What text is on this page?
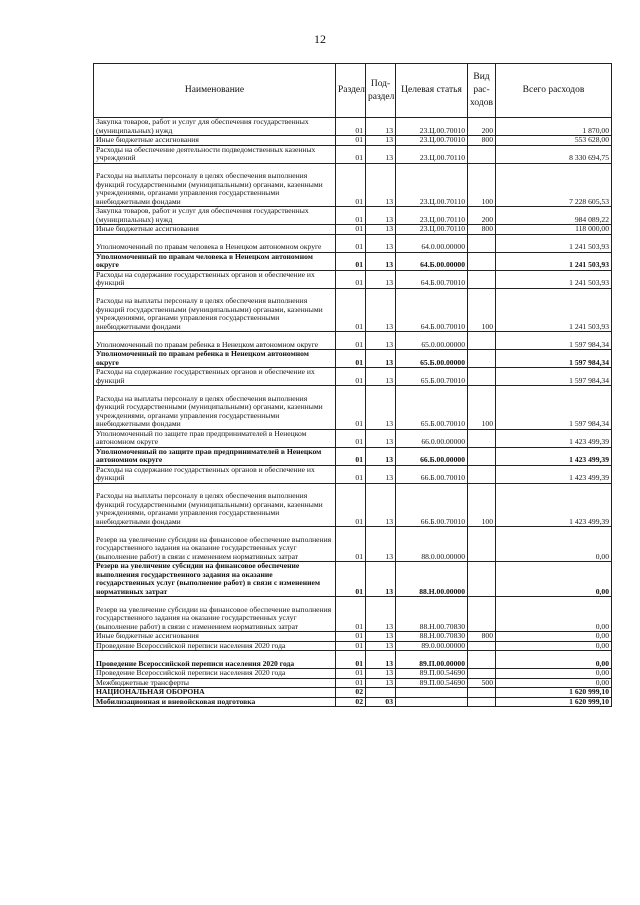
12
Наименование	Раздел	Под-раздел	Целевая статья	Вид рас-ходов	Всего расходов
Закупка товаров, работ и услуг для обеспечения государственных (муниципальных) нужд	01	13	23.Ц.00.70010	200	1 870,00
Иные бюджетные ассигнования	01	13	23.Ц.00.70010	800	553 628,00
Расходы на обеспечение деятельности подведомственных казенных учреждений	01	13	23.Ц.00.70110		8 330 694,75
Расходы на выплаты персоналу в целях обеспечения выполнения функций государственными (муниципальными) органами, казенными учреждениями, органами управления государственными внебюджетными фондами	01	13	23.Ц.00.70110	100	7 228 605,53
Закупка товаров, работ и услуг для обеспечения государственных (муниципальных) нужд	01	13	23.Ц.00.70110	200	984 089,22
Иные бюджетные ассигнования	01	13	23.Ц.00.70110	800	118 000,00
Уполномоченный по правам человека в Ненецком автономном округе	01	13	64.0.00.00000		1 241 503,93
Уполномоченный по правам человека в Ненецком автономном округе	01	13	64.Б.00.00000		1 241 503,93
Расходы на содержание государственных органов и обеспечение их функций	01	13	64.Б.00.70010		1 241 503,93
Расходы на выплаты персоналу в целях обеспечения выполнения функций государственными (муниципальными) органами, казенными учреждениями, органами управления государственными внебюджетными фондами	01	13	64.Б.00.70010	100	1 241 503,93
Уполномоченный по правам ребенка в Ненецком автономном округе	01	13	65.0.00.00000		1 597 984,34
Уполномоченный по правам ребенка в Ненецком автономном округе	01	13	65.Б.00.00000		1 597 984,34
Расходы на содержание государственных органов и обеспечение их функций	01	13	65.Б.00.70010		1 597 984,34
Расходы на выплаты персоналу в целях обеспечения выполнения функций государственными (муниципальными) органами, казенными учреждениями, органами управления государственными внебюджетными фондами	01	13	65.Б.00.70010	100	1 597 984,34
Уполномоченный по защите прав предпринимателей в Ненецком автономном округе	01	13	66.0.00.00000		1 423 499,39
Уполномоченный по защите прав предпринимателей в Ненецком автономном округе	01	13	66.Б.00.00000		1 423 499,39
Расходы на содержание государственных органов и обеспечение их функций	01	13	66.Б.00.70010		1 423 499,39
Расходы на выплаты персоналу в целях обеспечения выполнения функций государственными (муниципальными) органами, казенными учреждениями, органами управления государственными внебюджетными фондами	01	13	66.Б.00.70010	100	1 423 499,39
Резерв на увеличение субсидии на финансовое обеспечение выполнения государственного задания на оказание государственных услуг (выполнение работ) в связи с изменением нормативных затрат	01	13	88.0.00.00000		0,00
Резерв на увеличение субсидии на финансовое обеспечение выполнения государственного задания на оказание государственных услуг (выполнение работ) в связи с изменением нормативных затрат	01	13	88.Н.00.00000		0,00
Резерв на увеличение субсидии на финансовое обеспечение выполнения государственного задания на оказание государственных услуг (выполнение работ) в связи с изменением нормативных затрат	01	13	88.Н.00.70830		0,00
Иные бюджетные ассигнования	01	13	88.Н.00.70830	800	0,00
Проведение Всероссийской переписи населения 2020 года	01	13	89.0.00.00000		0,00
Проведение Всероссийской переписи населения 2020 года	01	13	89.П.00.00000		0,00
Проведение Всероссийской переписи населения 2020 года	01	13	89.П.00.54690		0,00
Межбюджетные трансферты	01	13	89.П.00.54690	500	0,00
НАЦИОНАЛЬНАЯ ОБОРОНА	02				1 620 999,10
Мобилизационная и вневойсковая подготовка	02	03			1 620 999,10
